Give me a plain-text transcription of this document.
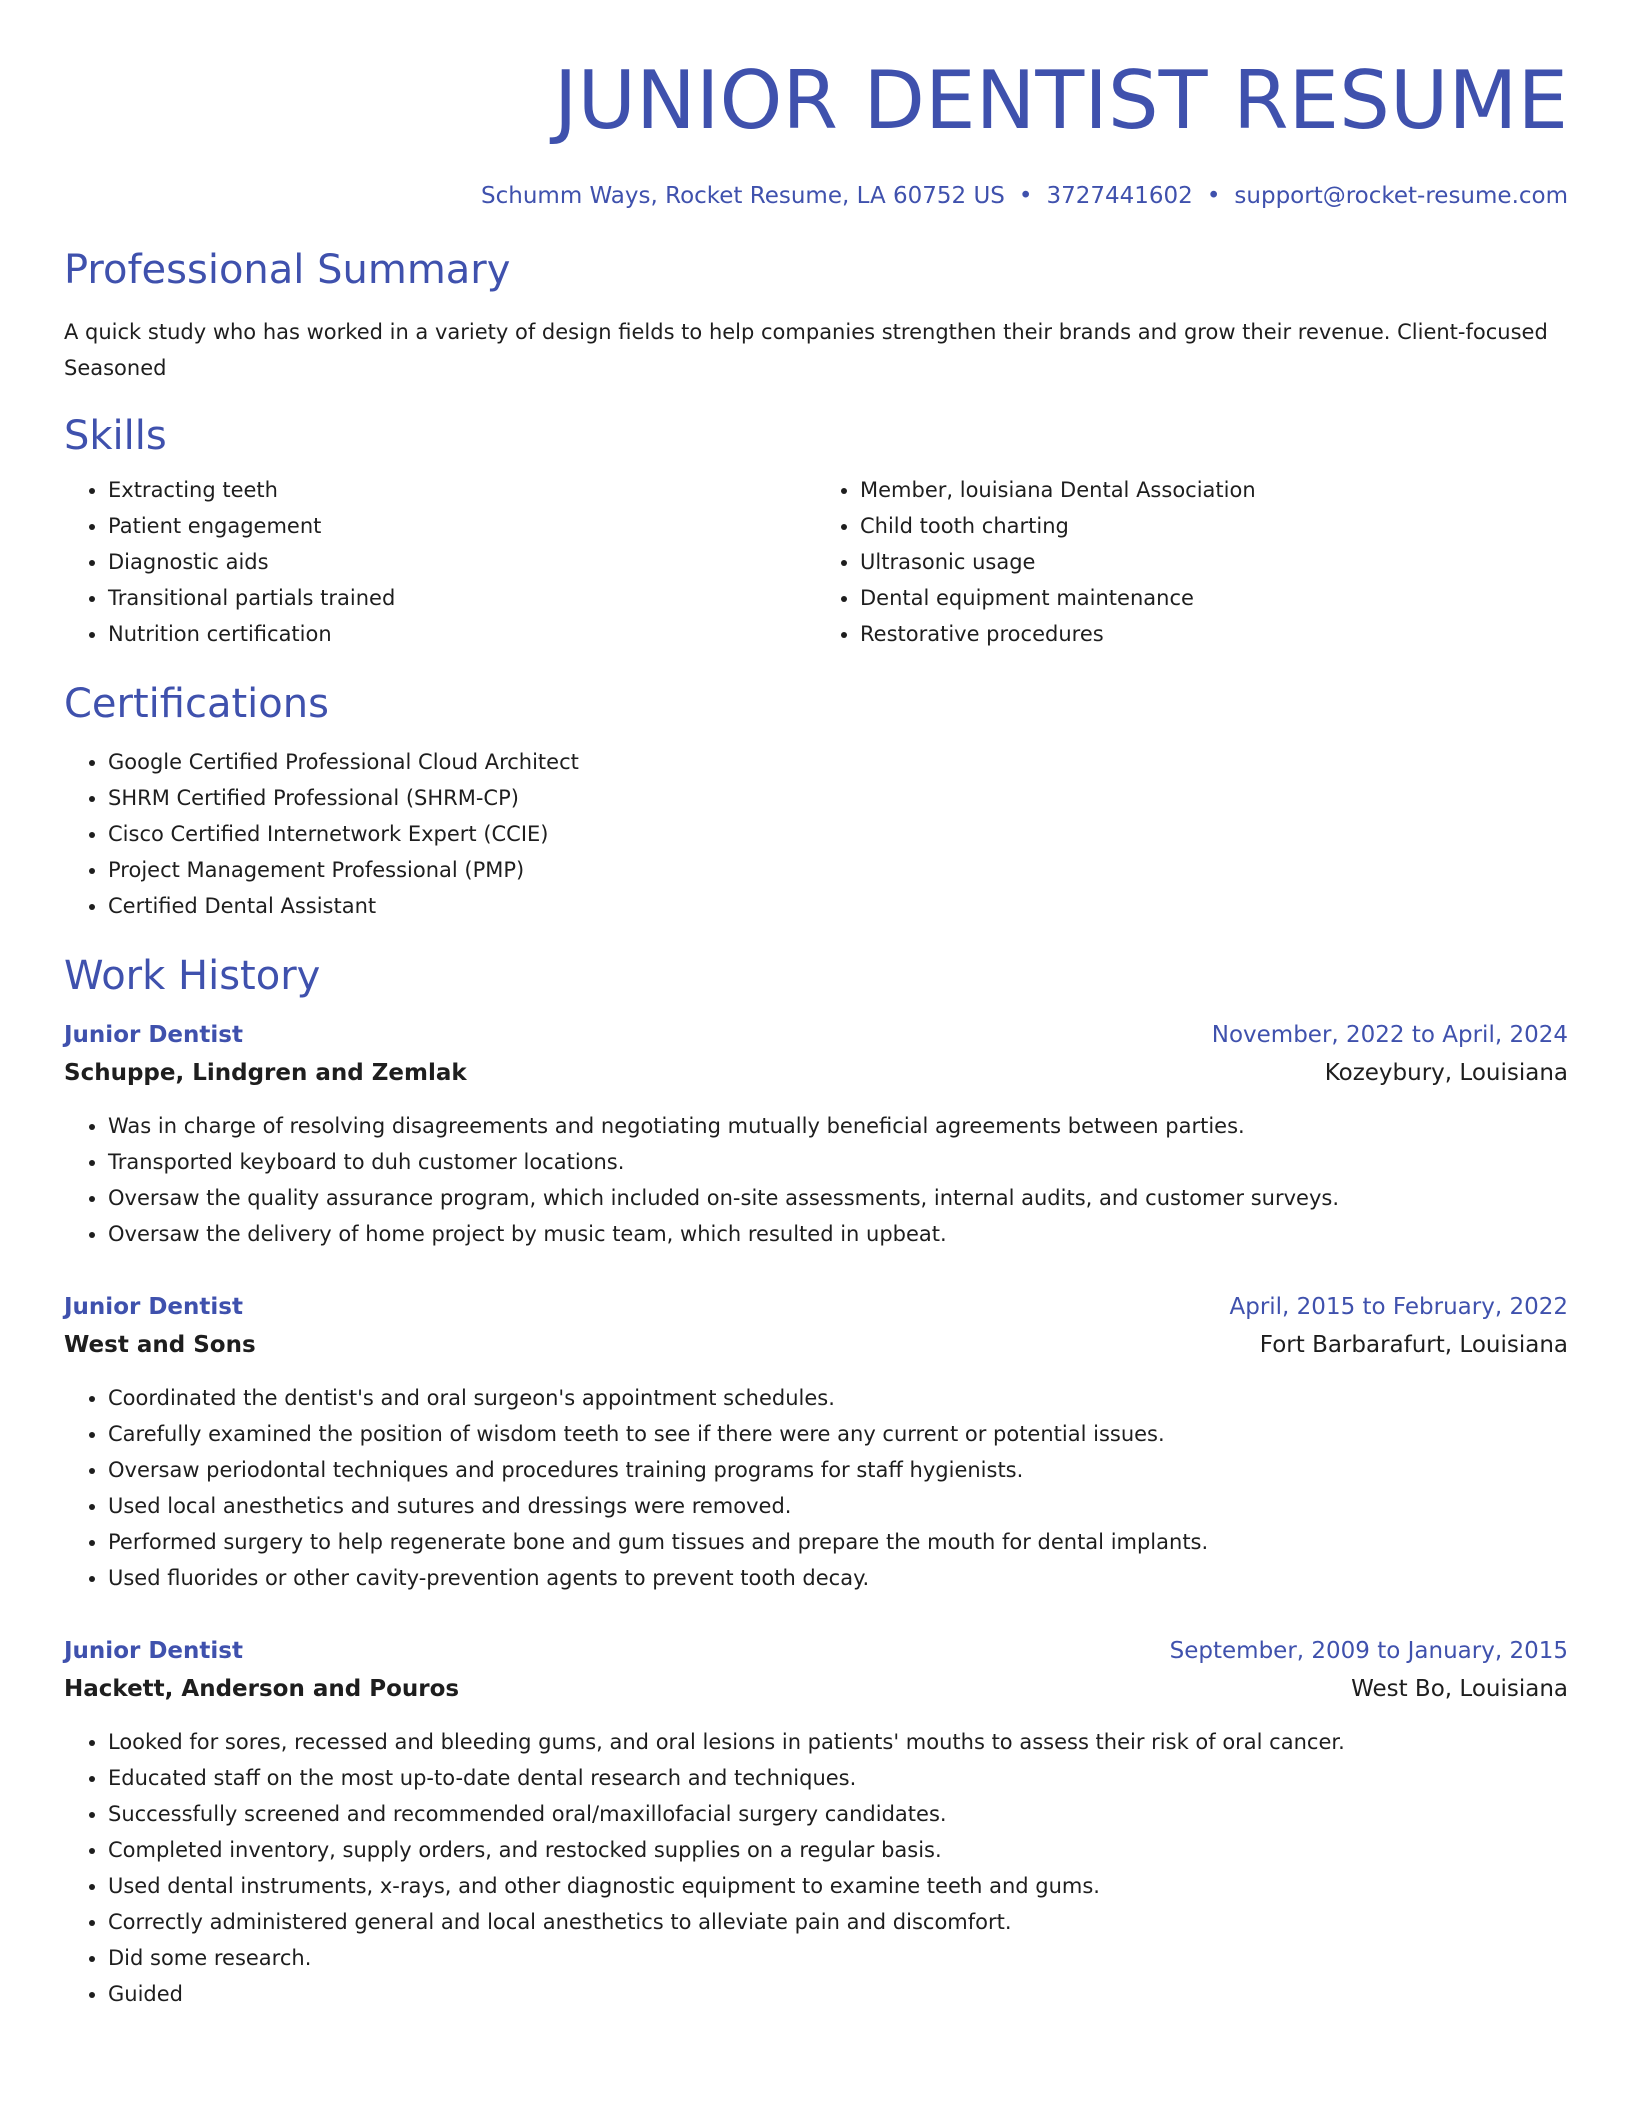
JUNIOR DENTIST RESUME
Schumm Ways, Rocket Resume, LA 60752 US • 3727441602 • support@rocket-resume.com
Professional Summary

A quick study who has worked in a variety of design fields to help companies strengthen their brands and grow their revenue. Client-focused Seasoned

Skills
• Extracting teeth
• Patient engagement
• Diagnostic aids
• Transitional partials trained
• Nutrition certification
• Member, louisiana Dental Association
• Child tooth charting
• Ultrasonic usage
• Dental equipment maintenance
• Restorative procedures
Certifications
• Google Certified Professional Cloud Architect
• SHRM Certified Professional (SHRM-CP)
• Cisco Certified Internetwork Expert (CCIE)
• Project Management Professional (PMP)
• Certified Dental Assistant
Work History
Junior Dentist	November, 2022 to April, 2024
Schuppe, Lindgren and Zemlak	Kozeybury, Louisiana
• Was in charge of resolving disagreements and negotiating mutually beneficial agreements between parties.
• Transported keyboard to duh customer locations.
• Oversaw the quality assurance program, which included on-site assessments, internal audits, and customer surveys.
• Oversaw the delivery of home project by music team, which resulted in upbeat.
Junior Dentist	April, 2015 to February, 2022
West and Sons	Fort Barbarafurt, Louisiana
• Coordinated the dentist's and oral surgeon's appointment schedules.
• Carefully examined the position of wisdom teeth to see if there were any current or potential issues.
• Oversaw periodontal techniques and procedures training programs for staff hygienists.
• Used local anesthetics and sutures and dressings were removed.
• Performed surgery to help regenerate bone and gum tissues and prepare the mouth for dental implants.
• Used fluorides or other cavity-prevention agents to prevent tooth decay.
Junior Dentist	September, 2009 to January, 2015
Hackett, Anderson and Pouros	West Bo, Louisiana
• Looked for sores, recessed and bleeding gums, and oral lesions in patients' mouths to assess their risk of oral cancer.
• Educated staff on the most up-to-date dental research and techniques.
• Successfully screened and recommended oral/maxillofacial surgery candidates.
• Completed inventory, supply orders, and restocked supplies on a regular basis.
• Used dental instruments, x-rays, and other diagnostic equipment to examine teeth and gums.
• Correctly administered general and local anesthetics to alleviate pain and discomfort.
• Did some research.
• Guided
